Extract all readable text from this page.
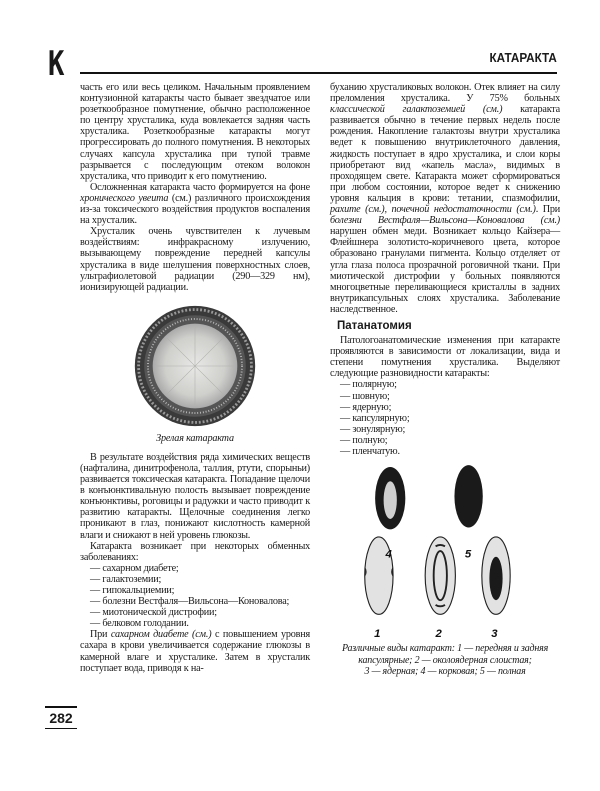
К	КАТАРАКТА

часть его или весь целиком. Начальным проявлением контузионной катаракты часто бывает звездчатое или розеткообразное помутнение, обычно расположенное по центру хрусталика, куда вовлекается задняя часть хрусталика. Розеткообразные катаракты могут прогрессировать до полного помутнения. В некоторых случаях капсула хрусталика при тупой травме разрывается с последующим отеком волокон хрусталика, что приводит к его помутнению.

Осложненная катаракта часто формируется на фоне хронического увеита (см.) различного происхождения из-за токсического воздействия продуктов воспаления на хрусталик.

Хрусталик очень чувствителен к лучевым воздействиям: инфракрасному излучению, вызывающему повреждение передней капсулы хрусталика в виде шелушения поверхностных слоев, ультрафиолетовой радиации (290—329 нм), ионизирующей радиации.

Зрелая катаракта

В результате воздействия ряда химических веществ (нафталина, динитрофенола, таллия, ртути, спорыньи) развивается токсическая катаракта. Попадание щелочи в конъюнктивальную полость вызывает повреждение конъюнктивы, роговицы и радужки и часто приводит к развитию катаракты. Щелочные соединения легко проникают в глаз, понижают кислотность камерной влаги и снижают в ней уровень глюкозы.

Катаракта возникает при некоторых обменных заболеваниях:

— сахарном диабете;
— галактоземии;
— гипокальциемии;
— болезни Вестфаля—Вильсона—Коновалова;
— миотонической дистрофии;
— белковом голодании.

При сахарном диабете (см.) с повышением уровня сахара в крови увеличивается содержание глюкозы в камерной влаге и хрусталике. Затем в хрусталик поступает вода, приводя к на-

буханию хрусталиковых волокон. Отек влияет на силу преломления хрусталика. У 75% больных классической галактоземией (см.) катаракта развивается обычно в течение первых недель после рождения. Накопление галактозы внутри хрусталика ведет к повышению внутриклеточного давления, жидкость поступает в ядро хрусталика, и слои коры приобретают вид «капель масла», видимых в проходящем свете. Катаракта может сформироваться при любом состоянии, которое ведет к снижению уровня кальция в крови: тетании, спазмофилии, рахите (см.), почечной недостаточности (см.). При болезни Вестфаля—Вильсона—Коновалова (см.) нарушен обмен меди. Возникает кольцо Кайзера—Флейшнера золотисто-коричневого цвета, которое образовано гранулами пигмента. Кольцо отделяет от угла глаза полоса прозрачной роговичной ткани. При миотической дистрофии у больных появляются многоцветные переливающиеся кристаллы в задних внутрикапсульных слоях хрусталика. Заболевание наследственное.

Патанатомия

Патологоанатомические изменения при катаракте проявляются в зависимости от локализации, вида и степени помутнения хрусталика. Выделяют следующие разновидности катаракты:

— полярную;
— шовную;
— ядерную;
— капсулярную;
— зонулярную;
— полную;
— пленчатую.
1	2	3
4	5
Различные виды катаракт: 1 — передняя и задняя
капсулярные; 2 — околоядерная слоистая;
3 — ядерная; 4 — корковая; 5 — полная
282
